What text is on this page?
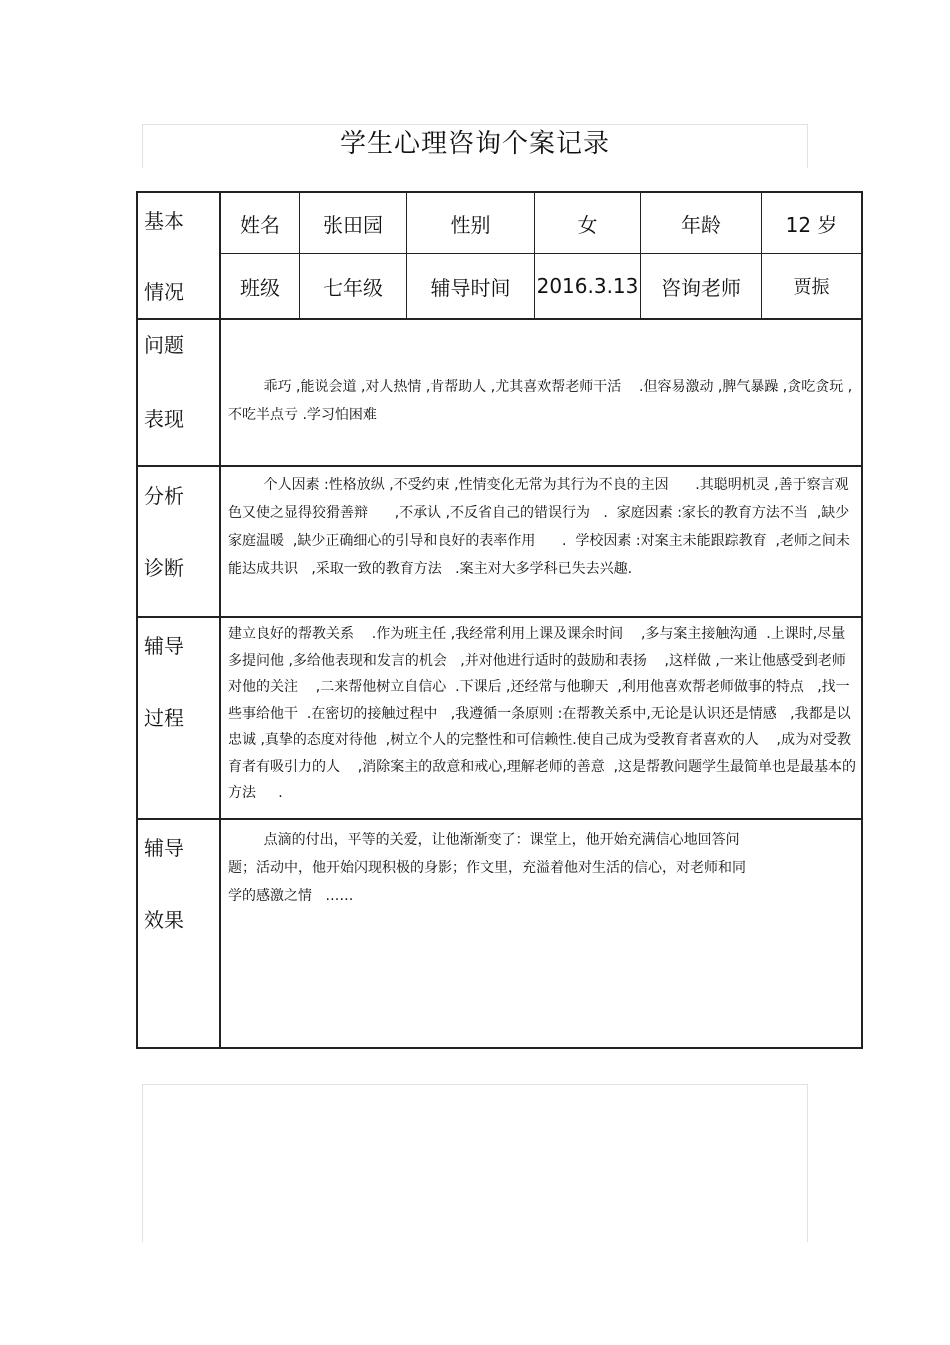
学生心理咨询个案记录
基本
情况
姓名	张田园	性别	女	年龄	12 岁
班级	七年级	辅导时间	2016.3.13	咨询老师	贾振
问题
表现
乖巧 ,能说会道 ,对人热情 ,肯帮助人 ,尤其喜欢帮老师干活    .但容易激动 ,脾气暴躁 ,贪吃贪玩 ,不吃半点亏 .学习怕困难
分析
诊断
个人因素 :性格放纵 ,不受约束 ,性情变化无常为其行为不良的主因      .其聪明机灵 ,善于察言观色又使之显得狡猾善辩      ,不承认 ,不反省自己的错误行为   .  家庭因素 :家长的教育方法不当  ,缺少家庭温暖  ,缺少正确细心的引导和良好的表率作用      .  学校因素 :对案主未能跟踪教育  ,老师之间未能达成共识   ,采取一致的教育方法   .案主对大多学科已失去兴趣.
辅导
过程
建立良好的帮教关系    .作为班主任 ,我经常利用上课及课余时间    ,多与案主接触沟通  .上课时,尽量多提问他 ,多给他表现和发言的机会   ,并对他进行适时的鼓励和表扬    ,这样做 ,一来让他感受到老师对他的关注    ,二来帮他树立自信心  .下课后 ,还经常与他聊天  ,利用他喜欢帮老师做事的特点   ,找一些事给他干  .在密切的接触过程中   ,我遵循一条原则 :在帮教关系中,无论是认识还是情感   ,我都是以忠诚 ,真挚的态度对待他  ,树立个人的完整性和可信赖性.使自己成为受教育者喜欢的人    ,成为对受教育者有吸引力的人    ,消除案主的敌意和戒心,理解老师的善意  ,这是帮教问题学生最简单也是最基本的方法     .
辅导
效果
点滴的付出，平等的关爱，让他渐渐变了：课堂上，他开始充满信心地回答问
题；活动中，他开始闪现积极的身影；作文里，充溢着他对生活的信心，对老师和同
学的感激之情   ……
